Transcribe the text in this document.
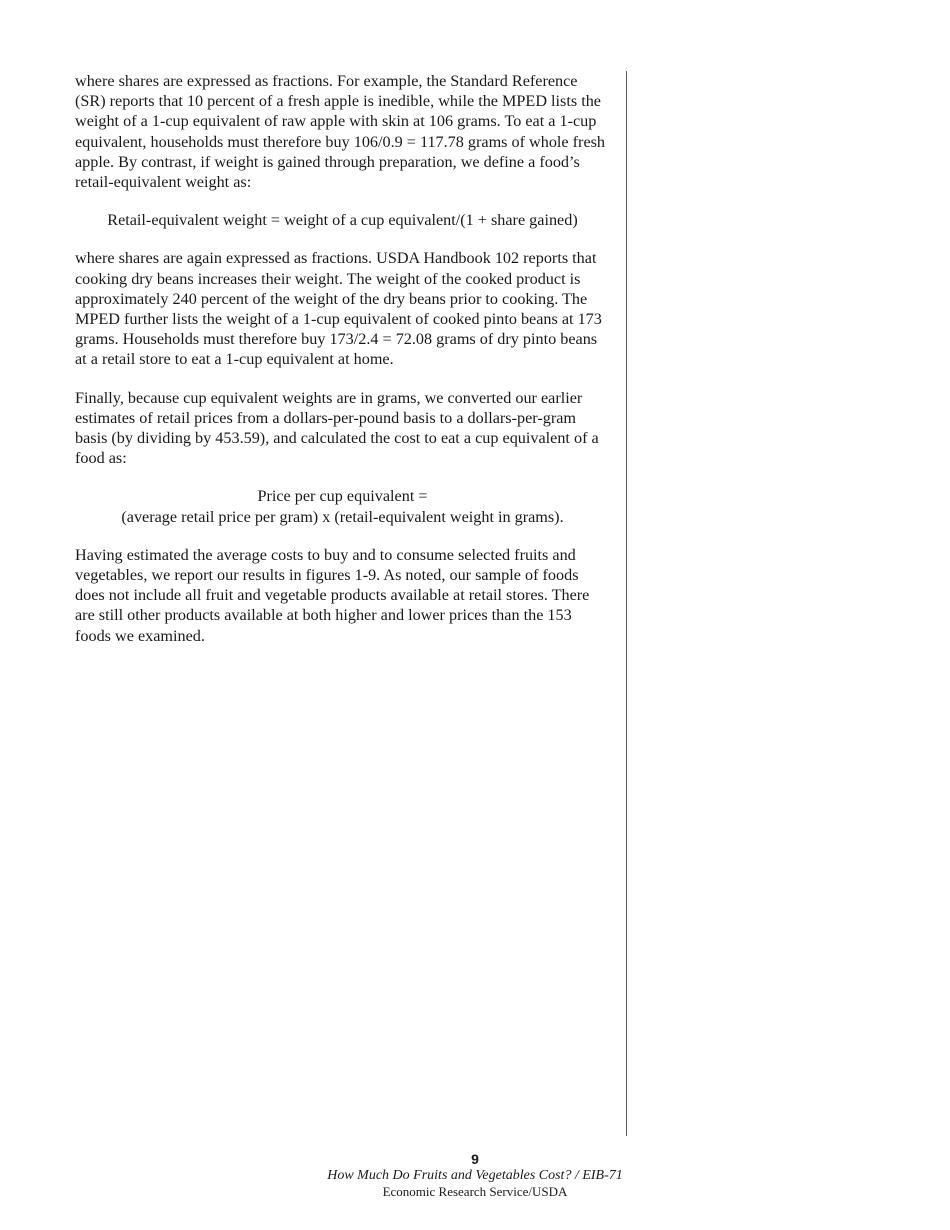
where shares are expressed as fractions. For example, the Standard Reference (SR) reports that 10 percent of a fresh apple is inedible, while the MPED lists the weight of a 1-cup equivalent of raw apple with skin at 106 grams. To eat a 1-cup equivalent, households must therefore buy 106/0.9 = 117.78 grams of whole fresh apple. By contrast, if weight is gained through preparation, we define a food’s retail-equivalent weight as:

Retail-equivalent weight = weight of a cup equivalent/(1 + share gained)

where shares are again expressed as fractions. USDA Handbook 102 reports that cooking dry beans increases their weight. The weight of the cooked product is approximately 240 percent of the weight of the dry beans prior to cooking. The MPED further lists the weight of a 1-cup equivalent of cooked pinto beans at 173 grams. Households must therefore buy 173/2.4 = 72.08 grams of dry pinto beans at a retail store to eat a 1-cup equivalent at home.

Finally, because cup equivalent weights are in grams, we converted our earlier estimates of retail prices from a dollars-per-pound basis to a dollars-per-gram basis (by dividing by 453.59), and calculated the cost to eat a cup equivalent of a food as:

Price per cup equivalent =
(average retail price per gram) x (retail-equivalent weight in grams).

Having estimated the average costs to buy and to consume selected fruits and vegetables, we report our results in figures 1-9. As noted, our sample of foods does not include all fruit and vegetable products available at retail stores. There are still other products available at both higher and lower prices than the 153 foods we examined.

9
How Much Do Fruits and Vegetables Cost? / EIB-71
Economic Research Service/USDA
